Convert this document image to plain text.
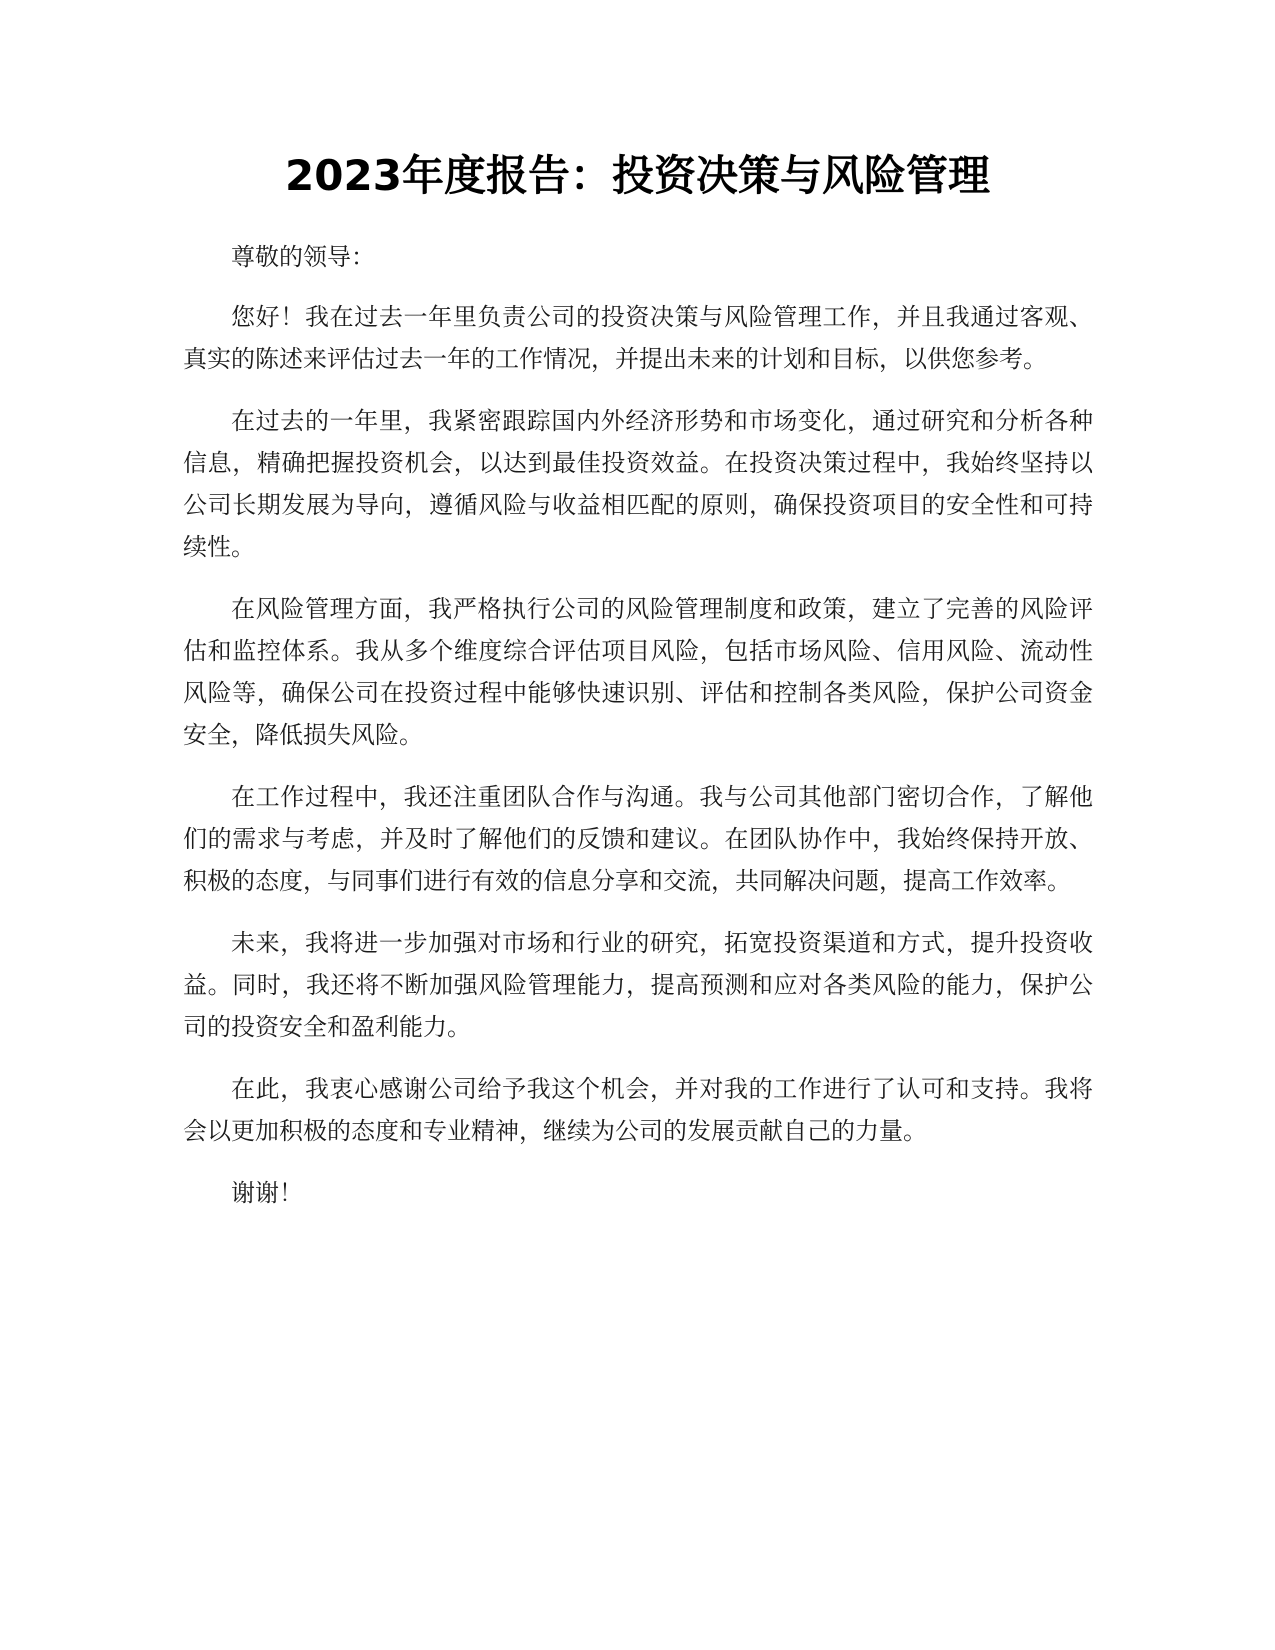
2023年度报告：投资决策与风险管理

尊敬的领导：

您好！我在过去一年里负责公司的投资决策与风险管理工作，并且我通过客观、真实的陈述来评估过去一年的工作情况，并提出未来的计划和目标，以供您参考。

在过去的一年里，我紧密跟踪国内外经济形势和市场变化，通过研究和分析各种信息，精确把握投资机会，以达到最佳投资效益。在投资决策过程中，我始终坚持以公司长期发展为导向，遵循风险与收益相匹配的原则，确保投资项目的安全性和可持续性。

在风险管理方面，我严格执行公司的风险管理制度和政策，建立了完善的风险评估和监控体系。我从多个维度综合评估项目风险，包括市场风险、信用风险、流动性风险等，确保公司在投资过程中能够快速识别、评估和控制各类风险，保护公司资金安全，降低损失风险。

在工作过程中，我还注重团队合作与沟通。我与公司其他部门密切合作，了解他们的需求与考虑，并及时了解他们的反馈和建议。在团队协作中，我始终保持开放、积极的态度，与同事们进行有效的信息分享和交流，共同解决问题，提高工作效率。

未来，我将进一步加强对市场和行业的研究，拓宽投资渠道和方式，提升投资收益。同时，我还将不断加强风险管理能力，提高预测和应对各类风险的能力，保护公司的投资安全和盈利能力。

在此，我衷心感谢公司给予我这个机会，并对我的工作进行了认可和支持。我将会以更加积极的态度和专业精神，继续为公司的发展贡献自己的力量。

谢谢！
